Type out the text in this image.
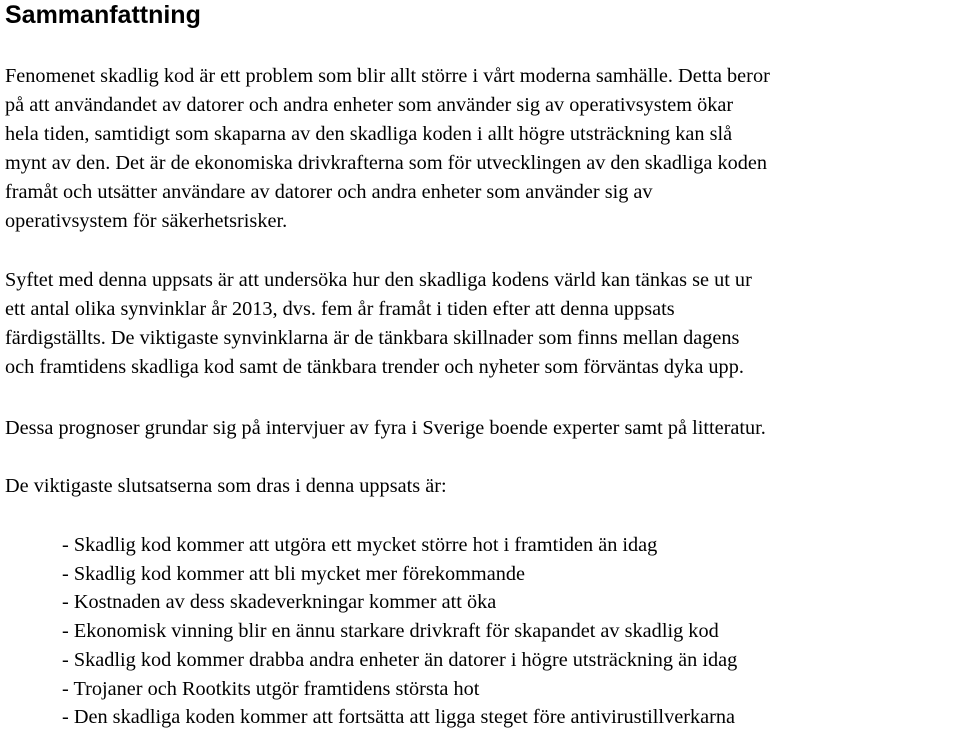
Sammanfattning

Fenomenet skadlig kod är ett problem som blir allt större i vårt moderna samhälle. Detta beror
på att användandet av datorer och andra enheter som använder sig av operativsystem ökar
hela tiden, samtidigt som skaparna av den skadliga koden i allt högre utsträckning kan slå
mynt av den. Det är de ekonomiska drivkrafterna som för utvecklingen av den skadliga koden
framåt och utsätter användare av datorer och andra enheter som använder sig av
operativsystem för säkerhetsrisker.

Syftet med denna uppsats är att undersöka hur den skadliga kodens värld kan tänkas se ut ur
ett antal olika synvinklar år 2013, dvs. fem år framåt i tiden efter att denna uppsats
färdigställts. De viktigaste synvinklarna är de tänkbara skillnader som finns mellan dagens
och framtidens skadliga kod samt de tänkbara trender och nyheter som förväntas dyka upp.

Dessa prognoser grundar sig på intervjuer av fyra i Sverige boende experter samt på litteratur.

De viktigaste slutsatserna som dras i denna uppsats är:

- Skadlig kod kommer att utgöra ett mycket större hot i framtiden än idag
- Skadlig kod kommer att bli mycket mer förekommande
- Kostnaden av dess skadeverkningar kommer att öka
- Ekonomisk vinning blir en ännu starkare drivkraft för skapandet av skadlig kod
- Skadlig kod kommer drabba andra enheter än datorer i högre utsträckning än idag
- Trojaner och Rootkits utgör framtidens största hot
- Den skadliga koden kommer att fortsätta att ligga steget före antivirustillverkarna
